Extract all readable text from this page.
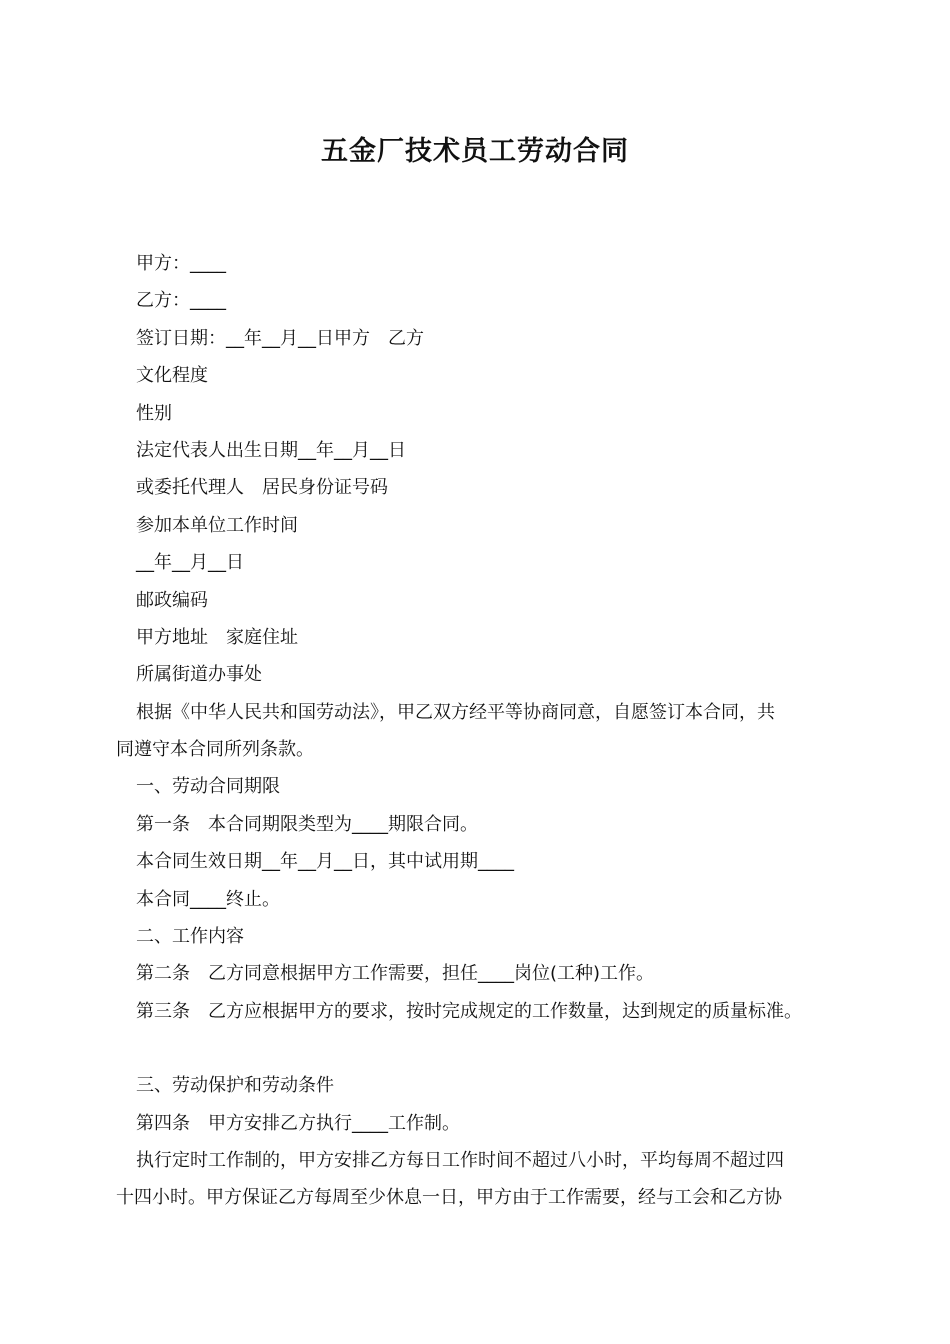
五金厂技术员工劳动合同
甲方：____
乙方：____
签订日期：__年__月__日甲方　乙方
文化程度
性别
法定代表人出生日期__年__月__日
或委托代理人　居民身份证号码
参加本单位工作时间
__年__月__日
邮政编码
甲方地址　家庭住址
所属街道办事处
根据《中华人民共和国劳动法》，甲乙双方经平等协商同意，自愿签订本合同，共
同遵守本合同所列条款。
一、劳动合同期限
第一条　本合同期限类型为____期限合同。
本合同生效日期__年__月__日，其中试用期____
本合同____终止。
二、工作内容
第二条　乙方同意根据甲方工作需要，担任____岗位(工种)工作。
第三条　乙方应根据甲方的要求，按时完成规定的工作数量，达到规定的质量标准。
三、劳动保护和劳动条件
第四条　甲方安排乙方执行____工作制。
执行定时工作制的，甲方安排乙方每日工作时间不超过八小时，平均每周不超过四
十四小时。甲方保证乙方每周至少休息一日，甲方由于工作需要，经与工会和乙方协
